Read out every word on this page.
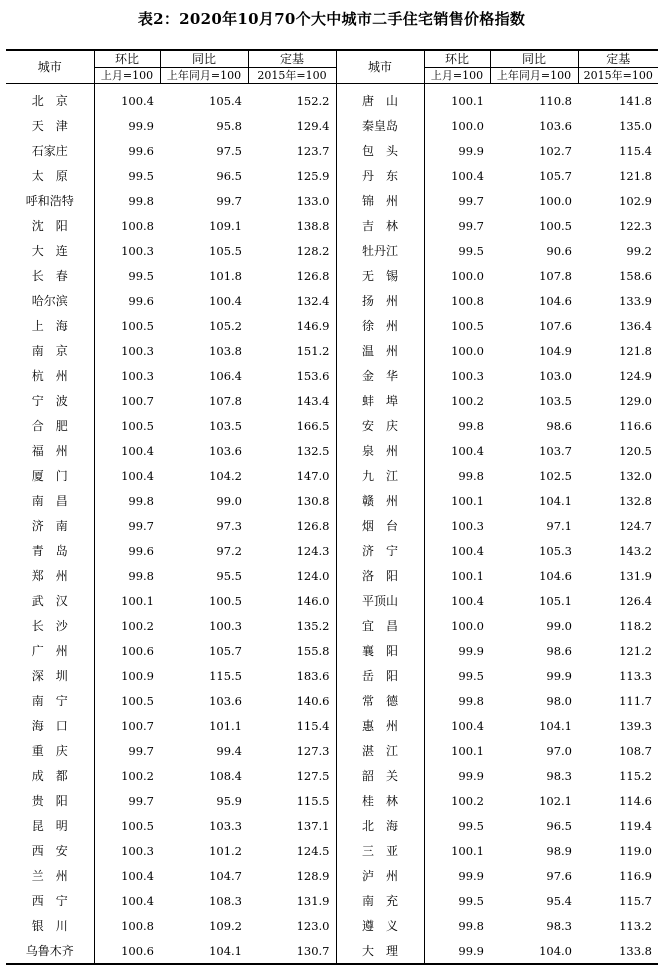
表2：2020年10月70个大中城市二手住宅销售价格指数
城市	环比	同比	定基	城市	环比	同比	定基
	上月=100	上年同月=100	2015年=100		上月=100	上年同月=100	2015年=100
北　京	100.4	105.4	152.2	唐　山	100.1	110.8	141.8
天　津	99.9	95.8	129.4	秦皇岛	100.0	103.6	135.0
石家庄	99.6	97.5	123.7	包　头	99.9	102.7	115.4
太　原	99.5	96.5	125.9	丹　东	100.4	105.7	121.8
呼和浩特	99.8	99.7	133.0	锦　州	99.7	100.0	102.9
沈　阳	100.8	109.1	138.8	吉　林	99.7	100.5	122.3
大　连	100.3	105.5	128.2	牡丹江	99.5	90.6	99.2
长　春	99.5	101.8	126.8	无　锡	100.0	107.8	158.6
哈尔滨	99.6	100.4	132.4	扬　州	100.8	104.6	133.9
上　海	100.5	105.2	146.9	徐　州	100.5	107.6	136.4
南　京	100.3	103.8	151.2	温　州	100.0	104.9	121.8
杭　州	100.3	106.4	153.6	金　华	100.3	103.0	124.9
宁　波	100.7	107.8	143.4	蚌　埠	100.2	103.5	129.0
合　肥	100.5	103.5	166.5	安　庆	99.8	98.6	116.6
福　州	100.4	103.6	132.5	泉　州	100.4	103.7	120.5
厦　门	100.4	104.2	147.0	九　江	99.8	102.5	132.0
南　昌	99.8	99.0	130.8	赣　州	100.1	104.1	132.8
济　南	99.7	97.3	126.8	烟　台	100.3	97.1	124.7
青　岛	99.6	97.2	124.3	济　宁	100.4	105.3	143.2
郑　州	99.8	95.5	124.0	洛　阳	100.1	104.6	131.9
武　汉	100.1	100.5	146.0	平顶山	100.4	105.1	126.4
长　沙	100.2	100.3	135.2	宜　昌	100.0	99.0	118.2
广　州	100.6	105.7	155.8	襄　阳	99.9	98.6	121.2
深　圳	100.9	115.5	183.6	岳　阳	99.5	99.9	113.3
南　宁	100.5	103.6	140.6	常　德	99.8	98.0	111.7
海　口	100.7	101.1	115.4	惠　州	100.4	104.1	139.3
重　庆	99.7	99.4	127.3	湛　江	100.1	97.0	108.7
成　都	100.2	108.4	127.5	韶　关	99.9	98.3	115.2
贵　阳	99.7	95.9	115.5	桂　林	100.2	102.1	114.6
昆　明	100.5	103.3	137.1	北　海	99.5	96.5	119.4
西　安	100.3	101.2	124.5	三　亚	100.1	98.9	119.0
兰　州	100.4	104.7	128.9	泸　州	99.9	97.6	116.9
西　宁	100.4	108.3	131.9	南　充	99.5	95.4	115.7
银　川	100.8	109.2	123.0	遵　义	99.8	98.3	113.2
乌鲁木齐	100.6	104.1	130.7	大　理	99.9	104.0	133.8
